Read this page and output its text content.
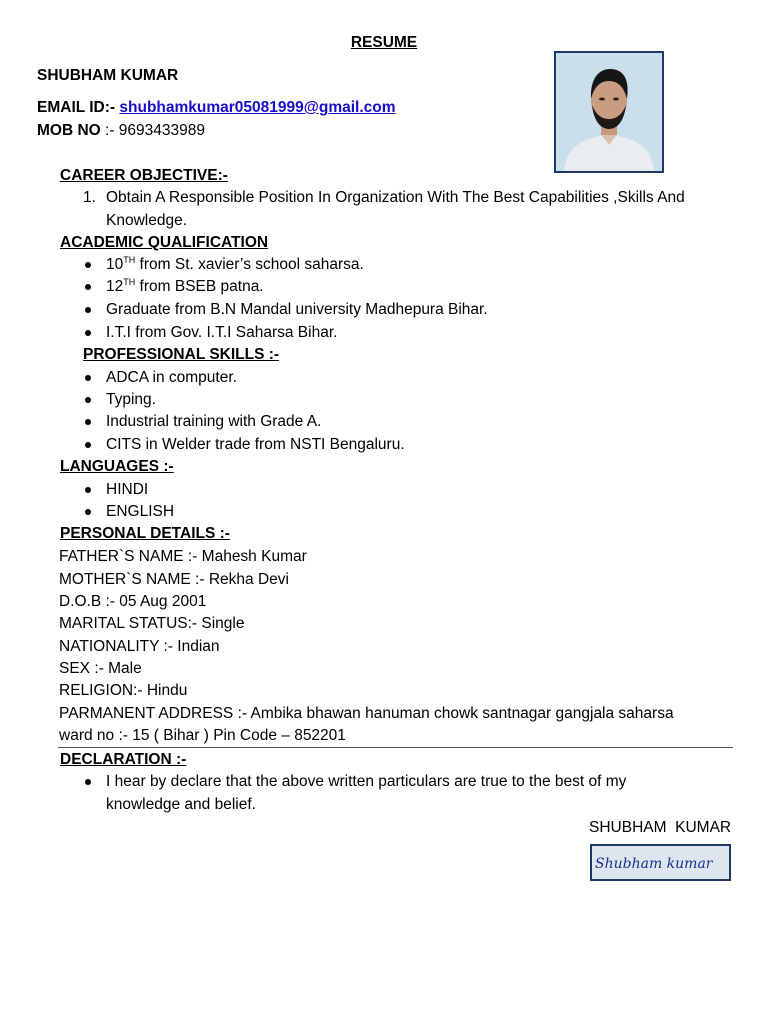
RESUME
SHUBHAM KUMAR
EMAIL ID:- shubhamkumar05081999@gmail.com
MOB NO :- 9693433989
CAREER OBJECTIVE:-
1. Obtain A Responsible Position In Organization With The Best Capabilities ,Skills And
Knowledge.
ACADEMIC QUALIFICATION
10TH from St. xavier’s school saharsa.
12TH from BSEB patna.
Graduate from B.N Mandal university Madhepura Bihar.
I.T.I from Gov. I.T.I Saharsa Bihar.
PROFESSIONAL SKILLS :-
ADCA in computer.
Typing.
Industrial training with Grade A.
CITS in Welder trade from NSTI Bengaluru.
LANGUAGES :-
HINDI
ENGLISH
PERSONAL DETAILS :-
FATHER`S NAME :- Mahesh Kumar
MOTHER`S NAME :- Rekha Devi
D.O.B :- 05 Aug 2001
MARITAL STATUS:- Single
NATIONALITY :- Indian
SEX :- Male
RELIGION:- Hindu
PARMANENT ADDRESS :- Ambika bhawan hanuman chowk santnagar gangjala saharsa
ward no :- 15 ( Bihar ) Pin Code – 852201
DECLARATION :-
I hear by declare that the above written particulars are true to the best of my
knowledge and belief.
SHUBHAM  KUMAR
Shubham kumar
